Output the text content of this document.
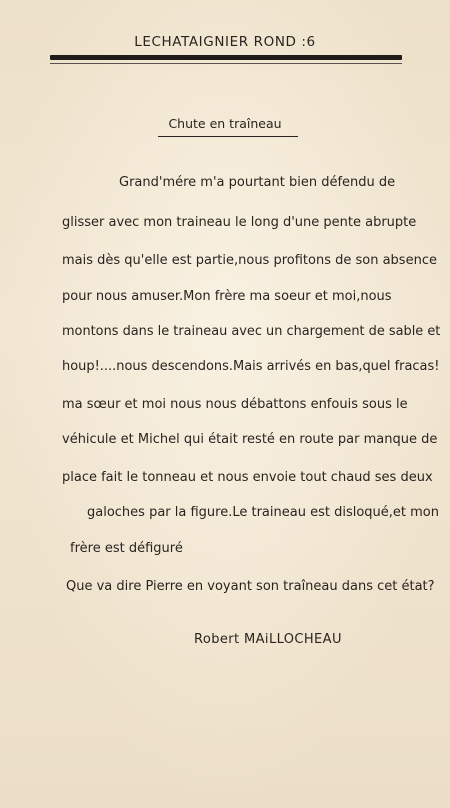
LECHATAIGNIER ROND :6
Chute en traîneau
Grand'mére m'a pourtant bien défendu de
glisser avec mon traineau le long d'une pente abrupte
mais dès qu'elle est partie,nous profitons de son absence
pour nous amuser.Mon frère ma soeur et moi,nous
montons dans le traineau avec un chargement de sable et
houp!....nous descendons.Mais arrivés en bas,quel fracas!
ma sœur et moi nous nous débattons enfouis sous le
véhicule et Michel qui était resté en route par manque de
place fait le tonneau et nous envoie tout chaud ses deux
galoches par la figure.Le traineau est disloqué,et mon
frère est défiguré
Que va dire Pierre en voyant son traîneau dans cet état?
Robert MAiLLOCHEAU
